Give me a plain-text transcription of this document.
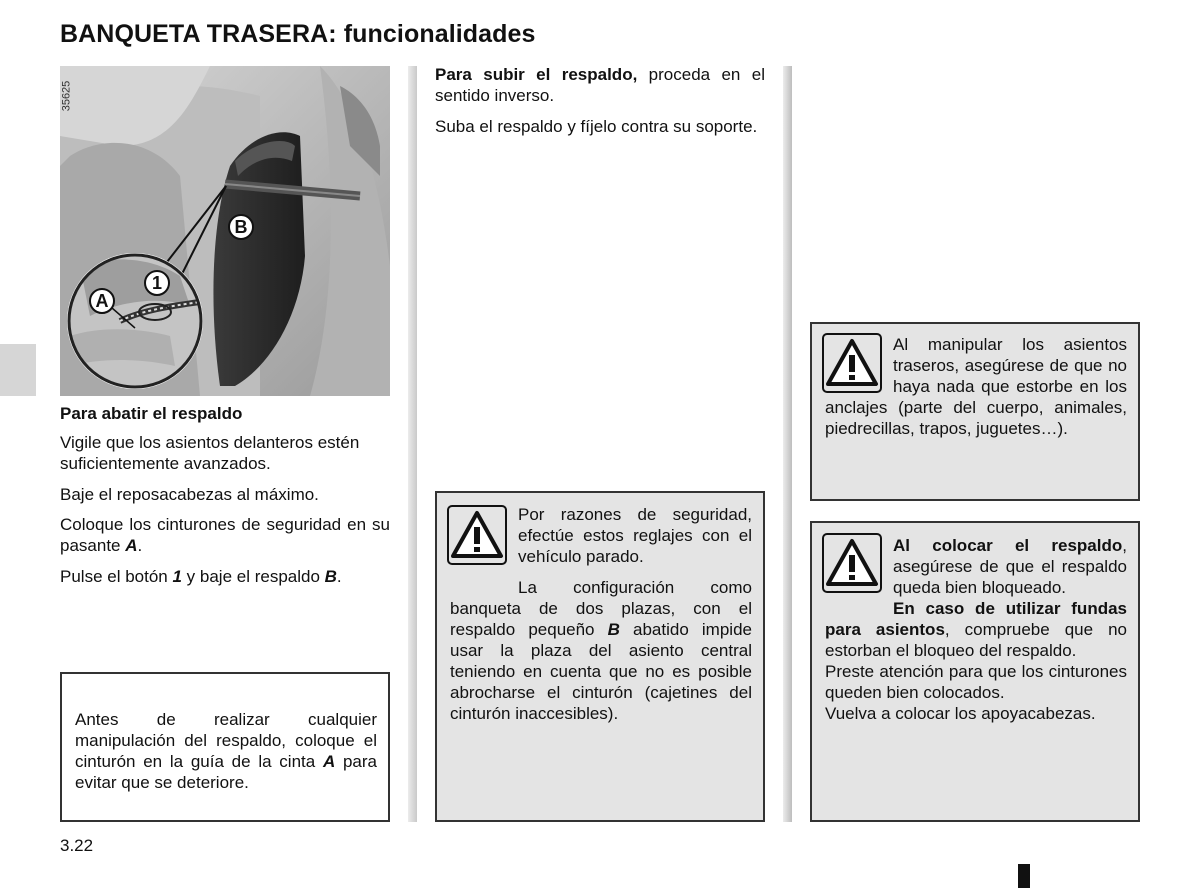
BANQUETA TRASERA: funcionalidades
B
1
A
35625
Para abatir el respaldo
Vigile que los asientos delanteros estén suficientemente avanzados.
Baje el reposacabezas al máximo.
Coloque los cinturones de seguridad en su pasante A.
Pulse el botón 1 y baje el respaldo B.
Antes de realizar cualquier manipulación del respaldo, coloque el cinturón en la guía de la cinta A para evitar que se deteriore.
Para subir el respaldo, proceda en el sentido inverso.
Suba el respaldo y fíjelo contra su soporte.
Por razones de seguridad, efectúe estos reglajes con el vehículo parado.
La configuración como banqueta de dos plazas, con el respaldo pequeño B abatido impide usar la plaza del asiento central teniendo en cuenta que no es posible abrocharse el cinturón (cajetines del cinturón inaccesibles).
Al manipular los asientos traseros, asegúrese de que no haya nada que estorbe en los anclajes (parte del cuerpo, animales, piedrecillas, trapos, juguetes…).
Al colocar el respaldo, asegúrese de que el respaldo queda bien bloqueado.
En caso de utilizar fundas para asientos, compruebe que no estorban el bloqueo del respaldo.
Preste atención para que los cinturones queden bien colocados.
Vuelva a colocar los apoyacabezas.
3.22
